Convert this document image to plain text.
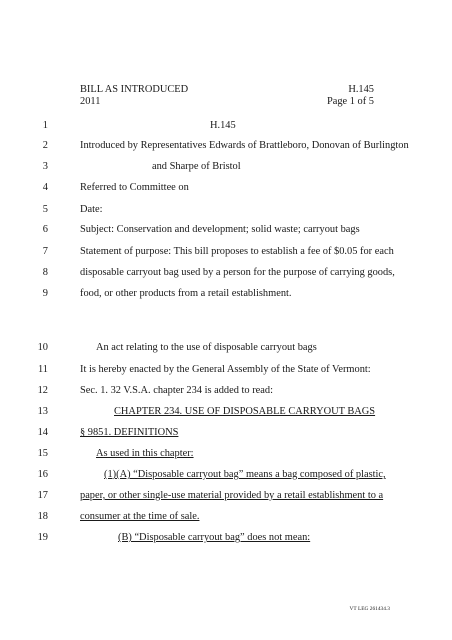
BILL AS INTRODUCED	H.145
2011	Page 1 of 5
1	H.145
2	Introduced by Representatives Edwards of Brattleboro, Donovan of Burlington
3	and Sharpe of Bristol
4	Referred to Committee on
5	Date:
6	Subject: Conservation and development; solid waste; carryout bags
7	Statement of purpose: This bill proposes to establish a fee of $0.05 for each
8	disposable carryout bag used by a person for the purpose of carrying goods,
9	food, or other products from a retail establishment.
10	An act relating to the use of disposable carryout bags
11	It is hereby enacted by the General Assembly of the State of Vermont:
12	Sec. 1. 32 V.S.A. chapter 234 is added to read:
13	CHAPTER 234. USE OF DISPOSABLE CARRYOUT BAGS
14	§ 9851. DEFINITIONS
15	As used in this chapter:
16	(1)(A) “Disposable carryout bag” means a bag composed of plastic,
17	paper, or other single-use material provided by a retail establishment to a
18	consumer at the time of sale.
19	(B) “Disposable carryout bag” does not mean:
VT LEG 261434.3
